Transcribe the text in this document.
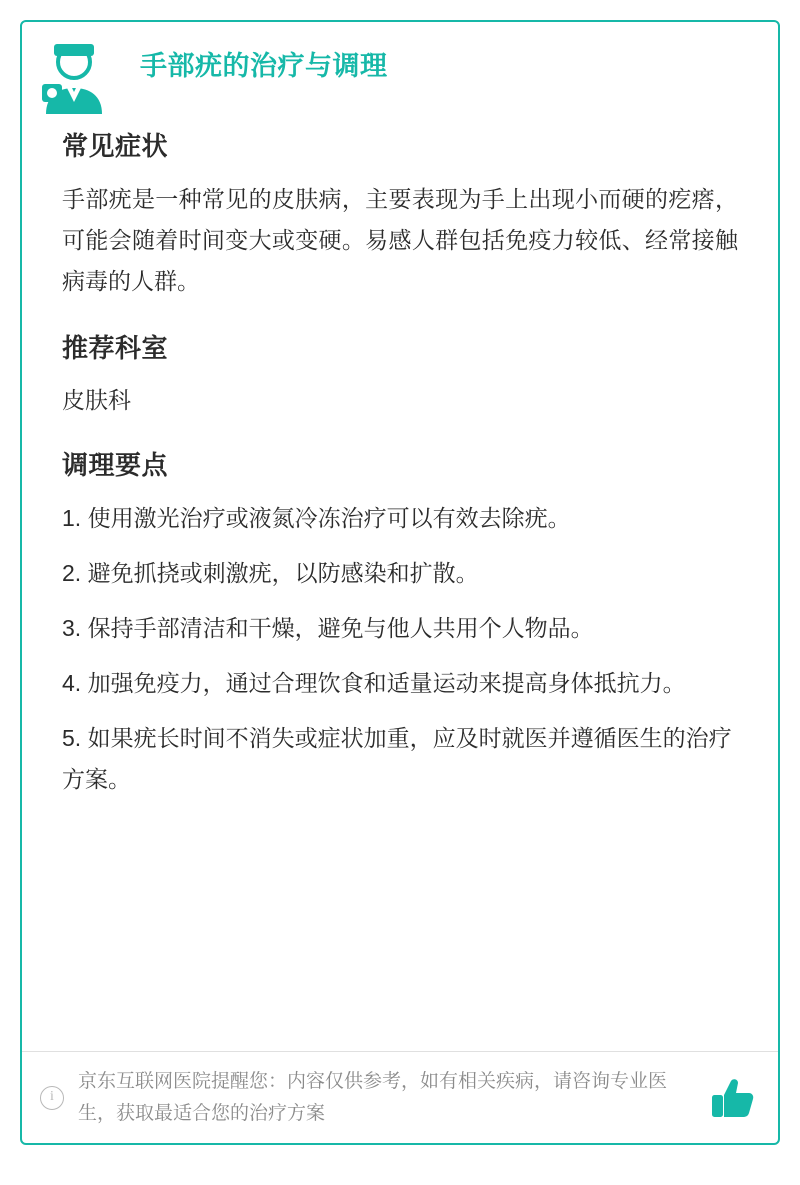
手部疣的治疗与调理
常见症状

手部疣是一种常见的皮肤病，主要表现为手上出现小而硬的疙瘩，可能会随着时间变大或变硬。易感人群包括免疫力较低、经常接触病毒的人群。

推荐科室

皮肤科

调理要点
1. 使用激光治疗或液氮冷冻治疗可以有效去除疣。
2. 避免抓挠或刺激疣，以防感染和扩散。
3. 保持手部清洁和干燥，避免与他人共用个人物品。
4. 加强免疫力，通过合理饮食和适量运动来提高身体抵抗力。
5. 如果疣长时间不消失或症状加重，应及时就医并遵循医生的治疗方案。
i
京东互联网医院提醒您：内容仅供参考，如有相关疾病，请咨询专业医生，获取最适合您的治疗方案
